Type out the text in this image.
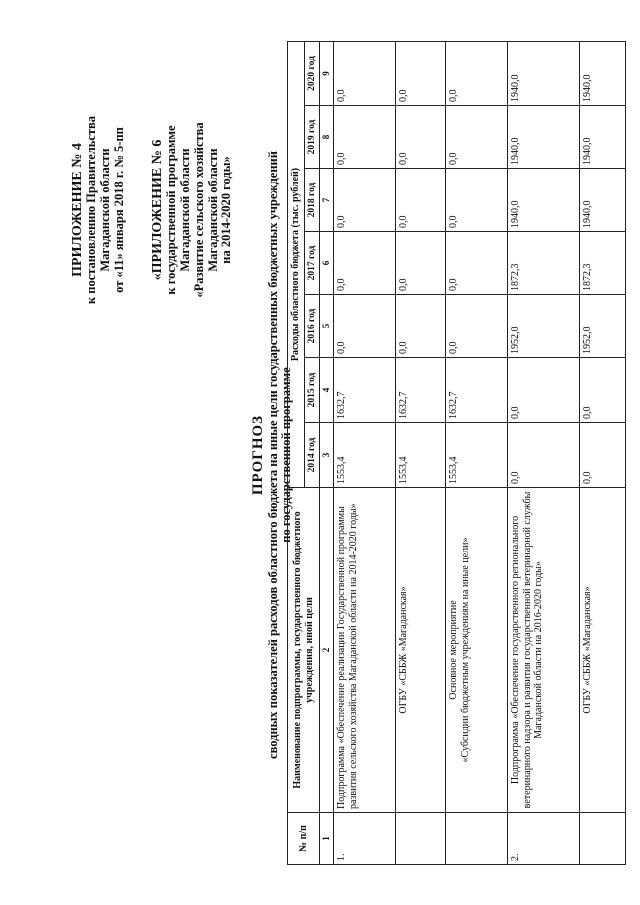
ПРИЛОЖЕНИЕ № 4 к постановлению Правительства Магаданской области от «11» января 2018 г. № 5-пп «ПРИЛОЖЕНИЕ № 6 к государственной программе Магаданской области «Развитие сельского хозяйства Магаданской области на 2014-2020 годы»
ПРОГНОЗ сводных показателей расходов областного бюджета на иные цели государственных бюджетных учреждений по государственной программе
№ п/п	Наименование подпрограммы, государственного бюджетного учреждения, иной цели	Расходы областного бюджета (тыс. рублей)						
		2014 год	2015 год	2016 год	2017 год	2018 год	2019 год	2020 год
1	2	3	4	5	6	7	8	9
1.	Подпрограмма «Обеспечение реализации Государственной программы развития сельского хозяйства Магаданской области на 2014-2020 годы»	1553,4	1632,7	0,0	0,0	0,0	0,0	0,0
	ОГБУ «СББЖ «Магаданская»	1553,4	1632,7	0,0	0,0	0,0	0,0	0,0

	Основное мероприятие «Субсидии бюджетным учреждениям на иные цели»	1553,4	1632,7	0,0	0,0	0,0	0,0	0,0
2.	Подпрограмма «Обеспечение государственного регионального ветеринарного надзора и развития государственной ветеринарной службы Магаданской области на 2016-2020 годы»	0,0	0,0	1952,0	1872,3	1940,0	1940,0	1940,0
	ОГБУ «СББЖ «Магаданская»	0,0	0,0	1952,0	1872,3	1940,0	1940,0	1940,0
